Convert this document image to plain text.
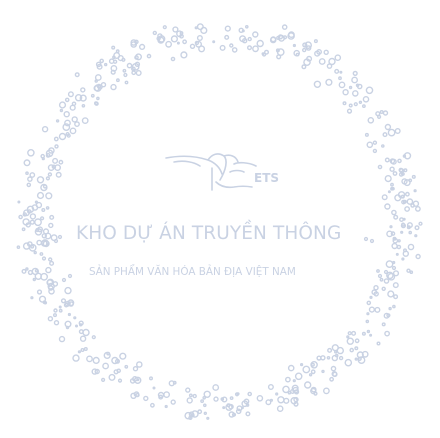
ETS
KHO DỰ ÁN TRUYỀN THÔNG
SẢN PHẨM VĂN HÓA BẢN ĐỊA VIỆT NAM
